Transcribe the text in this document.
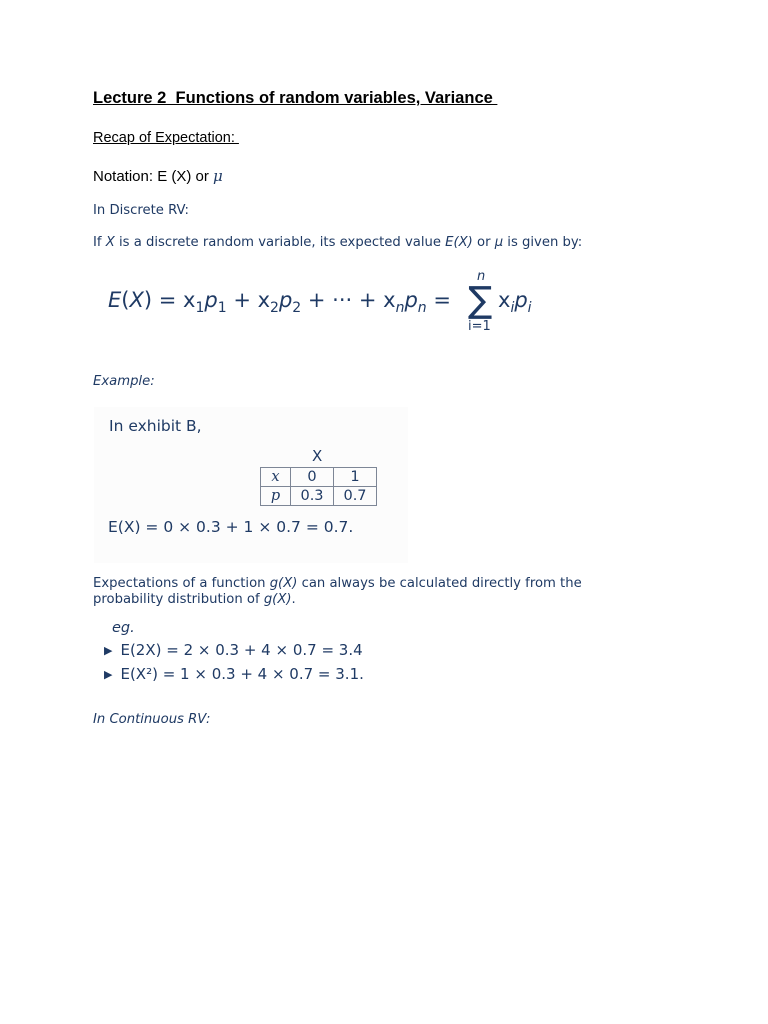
Lecture 2  Functions of random variables, Variance
Recap of Expectation:
Notation: E (X) or μ
In Discrete RV:
If X is a discrete random variable, its expected value E(X) or μ is given by:
$E(X) = x_1p_1 + x_2p_2$ + ··· + $x_np_n$ = ∑
n
i=1
$x_ip_i$
Example:
In exhibit B,
X
x	0	1
p	0.3	0.7
E(X) = 0 × 0.3 + 1 × 0.7 = 0.7.
Expectations of a function g(X) can always be calculated directly from the probability distribution of g(X).
eg.
▶ E(2X) = 2 × 0.3 + 4 × 0.7 = 3.4
▶ E(X²) = 1 × 0.3 + 4 × 0.7 = 3.1.
In Continuous RV:
